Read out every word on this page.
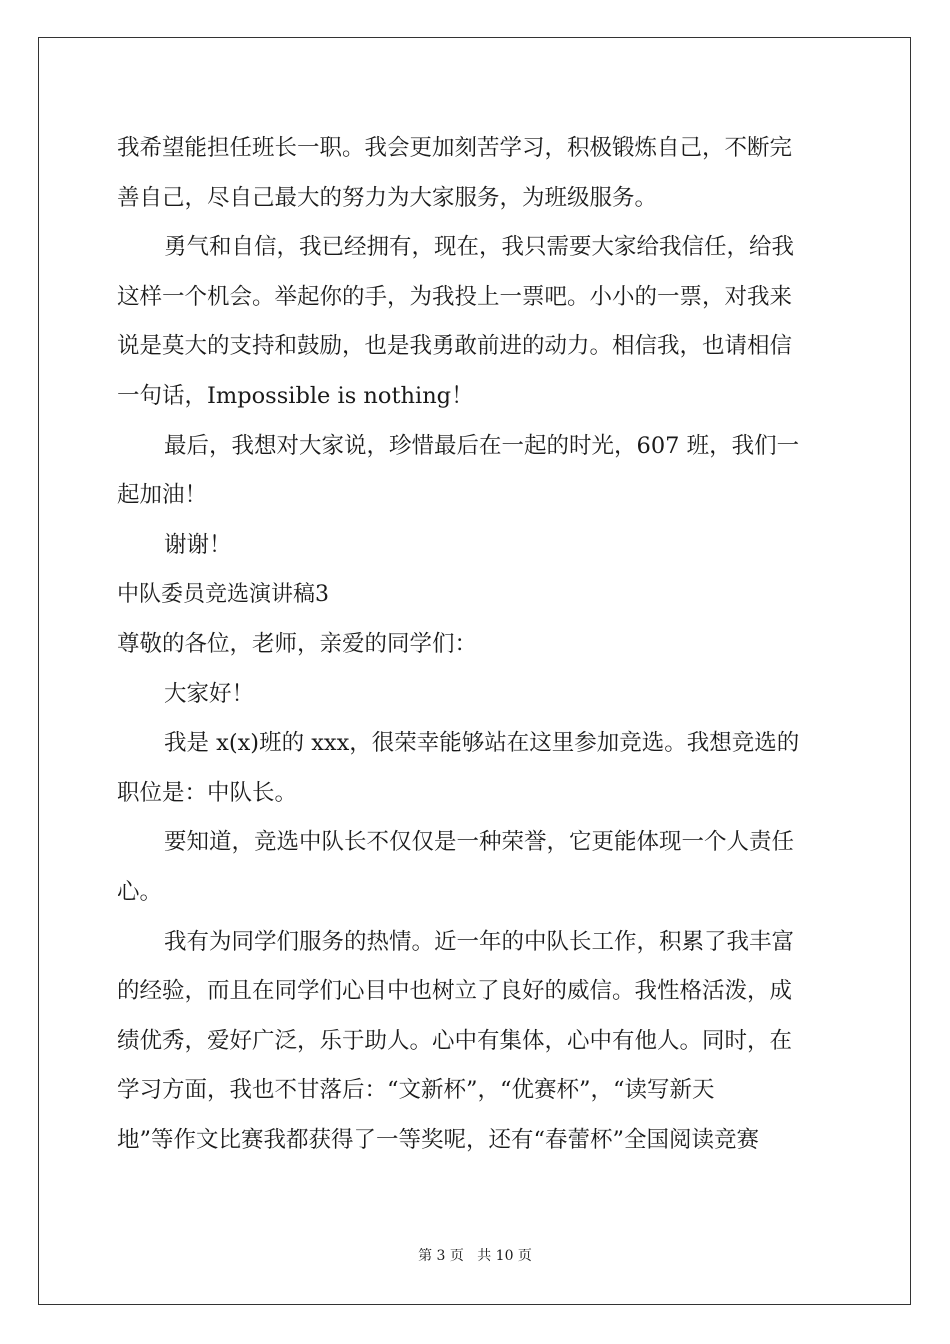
我希望能担任班长一职。我会更加刻苦学习，积极锻炼自己，不断完
善自己，尽自己最大的努力为大家服务，为班级服务。
勇气和自信，我已经拥有，现在，我只需要大家给我信任，给我
这样一个机会。举起你的手，为我投上一票吧。小小的一票，对我来
说是莫大的支持和鼓励，也是我勇敢前进的动力。相信我，也请相信
一句话，Impossible is nothing！
最后，我想对大家说，珍惜最后在一起的时光，607 班，我们一
起加油！
谢谢！
中队委员竞选演讲稿3
尊敬的各位，老师，亲爱的同学们：
大家好！
我是 x(x)班的 xxx，很荣幸能够站在这里参加竞选。我想竞选的
职位是：中队长。
要知道，竞选中队长不仅仅是一种荣誉，它更能体现一个人责任
心。
我有为同学们服务的热情。近一年的中队长工作，积累了我丰富
的经验，而且在同学们心目中也树立了良好的威信。我性格活泼，成
绩优秀，爱好广泛，乐于助人。心中有集体，心中有他人。同时，在
学习方面，我也不甘落后：“文新杯”，“优赛杯”，“读写新天
地”等作文比赛我都获得了一等奖呢，还有“春蕾杯”全国阅读竞赛
第 3 页   共 10 页
